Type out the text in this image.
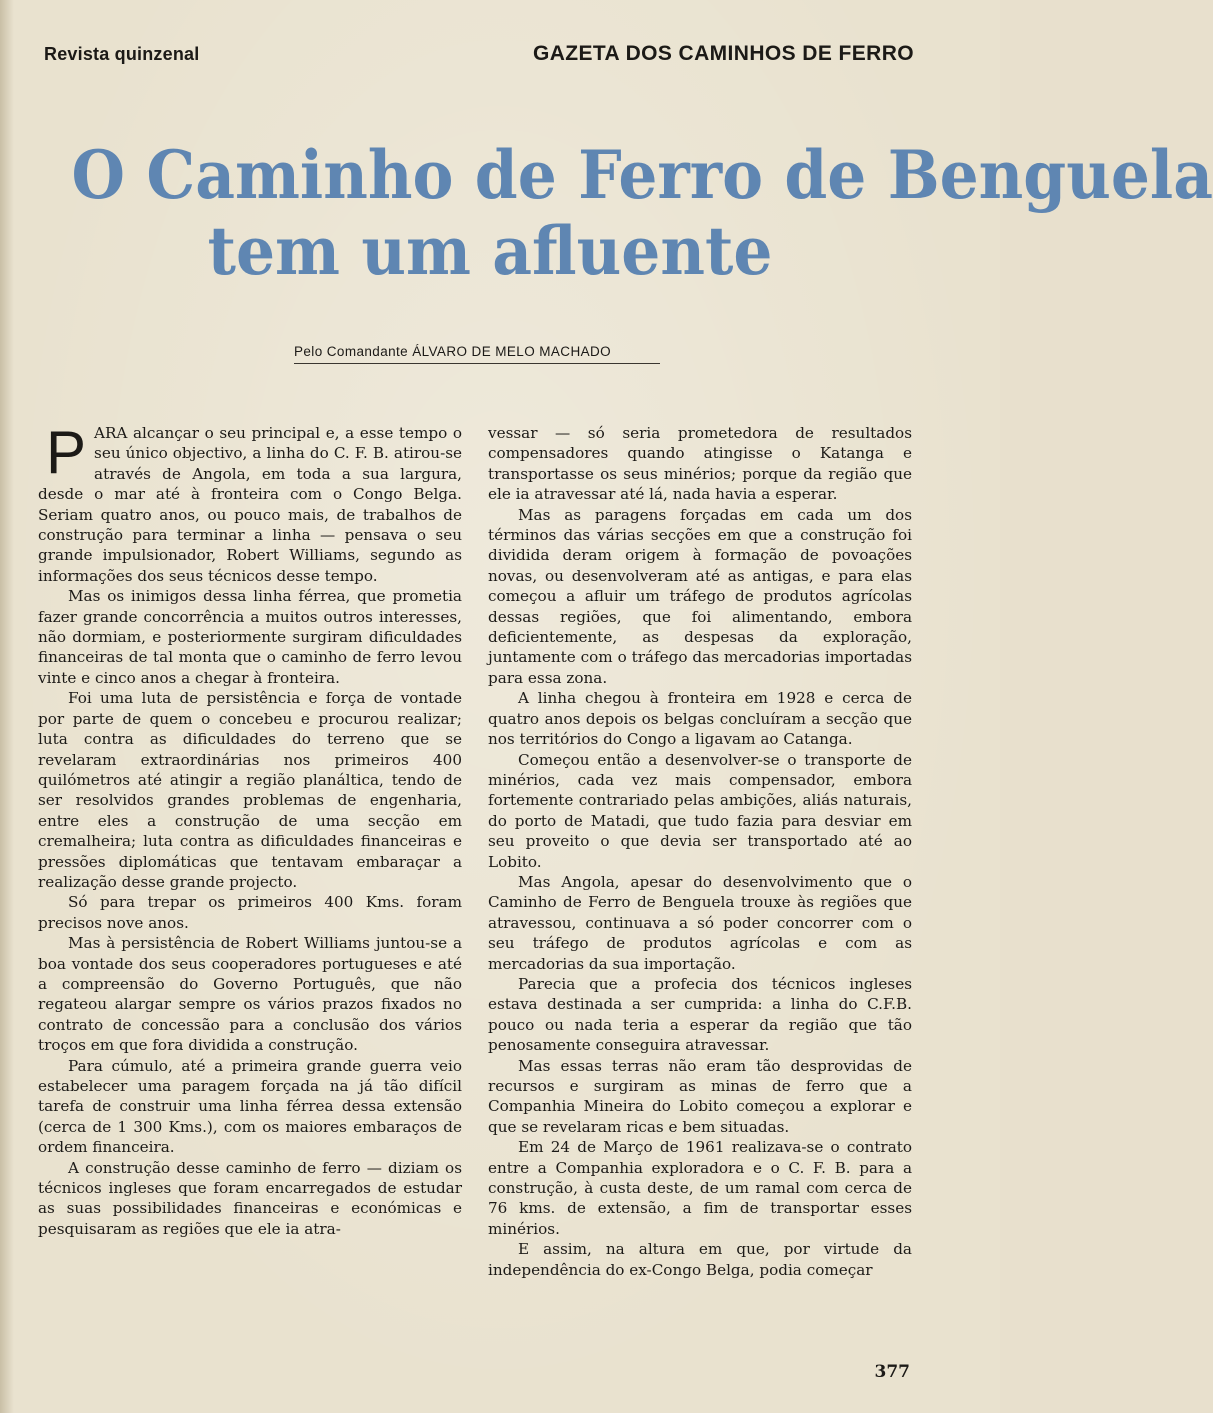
Revista quinzenal	GAZETA DOS CAMINHOS DE FERRO
O Caminho de Ferro de Benguela
tem um afluente
Pelo Comandante ÁLVARO DE MELO MACHADO

PARA alcançar o seu principal e, a esse tempo o seu único objectivo, a linha do C. F. B. atirou-se através de Angola, em toda a sua largura, desde o mar até à fronteira com o Congo Belga. Seriam quatro anos, ou pouco mais, de trabalhos de construção para terminar a linha — pensava o seu grande impulsionador, Robert Williams, segundo as informações dos seus técnicos desse tempo.

Mas os inimigos dessa linha férrea, que prometia fazer grande concorrência a muitos outros interesses, não dormiam, e posteriormente surgiram dificuldades financeiras de tal monta que o caminho de ferro levou vinte e cinco anos a chegar à fronteira.

Foi uma luta de persistência e força de vontade por parte de quem o concebeu e procurou realizar; luta contra as dificuldades do terreno que se revelaram extraordinárias nos primeiros 400 quilómetros até atingir a região planáltica, tendo de ser resolvidos grandes problemas de engenharia, entre eles a construção de uma secção em cremalheira; luta contra as dificuldades financeiras e pressões diplomáticas que tentavam embaraçar a realização desse grande projecto.

Só para trepar os primeiros 400 Kms. foram precisos nove anos.

Mas à persistência de Robert Williams juntou-se a boa vontade dos seus cooperadores portugueses e até a compreensão do Governo Português, que não regateou alargar sempre os vários prazos fixados no contrato de concessão para a conclusão dos vários troços em que fora dividida a construção.

Para cúmulo, até a primeira grande guerra veio estabelecer uma paragem forçada na já tão difícil tarefa de construir uma linha férrea dessa extensão (cerca de 1 300 Kms.), com os maiores embaraços de ordem financeira.

A construção desse caminho de ferro — diziam os técnicos ingleses que foram encarregados de estudar as suas possibilidades financeiras e económicas e pesquisaram as regiões que ele ia atra-

vessar — só seria prometedora de resultados compensadores quando atingisse o Katanga e transportasse os seus minérios; porque da região que ele ia atravessar até lá, nada havia a esperar.

Mas as paragens forçadas em cada um dos términos das várias secções em que a construção foi dividida deram origem à formação de povoações novas, ou desenvolveram até as antigas, e para elas começou a afluir um tráfego de produtos agrícolas dessas regiões, que foi alimentando, embora deficientemente, as despesas da exploração, juntamente com o tráfego das mercadorias importadas para essa zona.

A linha chegou à fronteira em 1928 e cerca de quatro anos depois os belgas concluíram a secção que nos territórios do Congo a ligavam ao Catanga.

Começou então a desenvolver-se o transporte de minérios, cada vez mais compensador, embora fortemente contrariado pelas ambições, aliás naturais, do porto de Matadi, que tudo fazia para desviar em seu proveito o que devia ser transportado até ao Lobito.

Mas Angola, apesar do desenvolvimento que o Caminho de Ferro de Benguela trouxe às regiões que atravessou, continuava a só poder concorrer com o seu tráfego de produtos agrícolas e com as mercadorias da sua importação.

Parecia que a profecia dos técnicos ingleses estava destinada a ser cumprida: a linha do C.F.B. pouco ou nada teria a esperar da região que tão penosamente conseguira atravessar.

Mas essas terras não eram tão desprovidas de recursos e surgiram as minas de ferro que a Companhia Mineira do Lobito começou a explorar e que se revelaram ricas e bem situadas.

Em 24 de Março de 1961 realizava-se o contrato entre a Companhia exploradora e o C. F. B. para a construção, à custa deste, de um ramal com cerca de 76 kms. de extensão, a fim de transportar esses minérios.

E assim, na altura em que, por virtude da independência do ex-Congo Belga, podia começar

377
